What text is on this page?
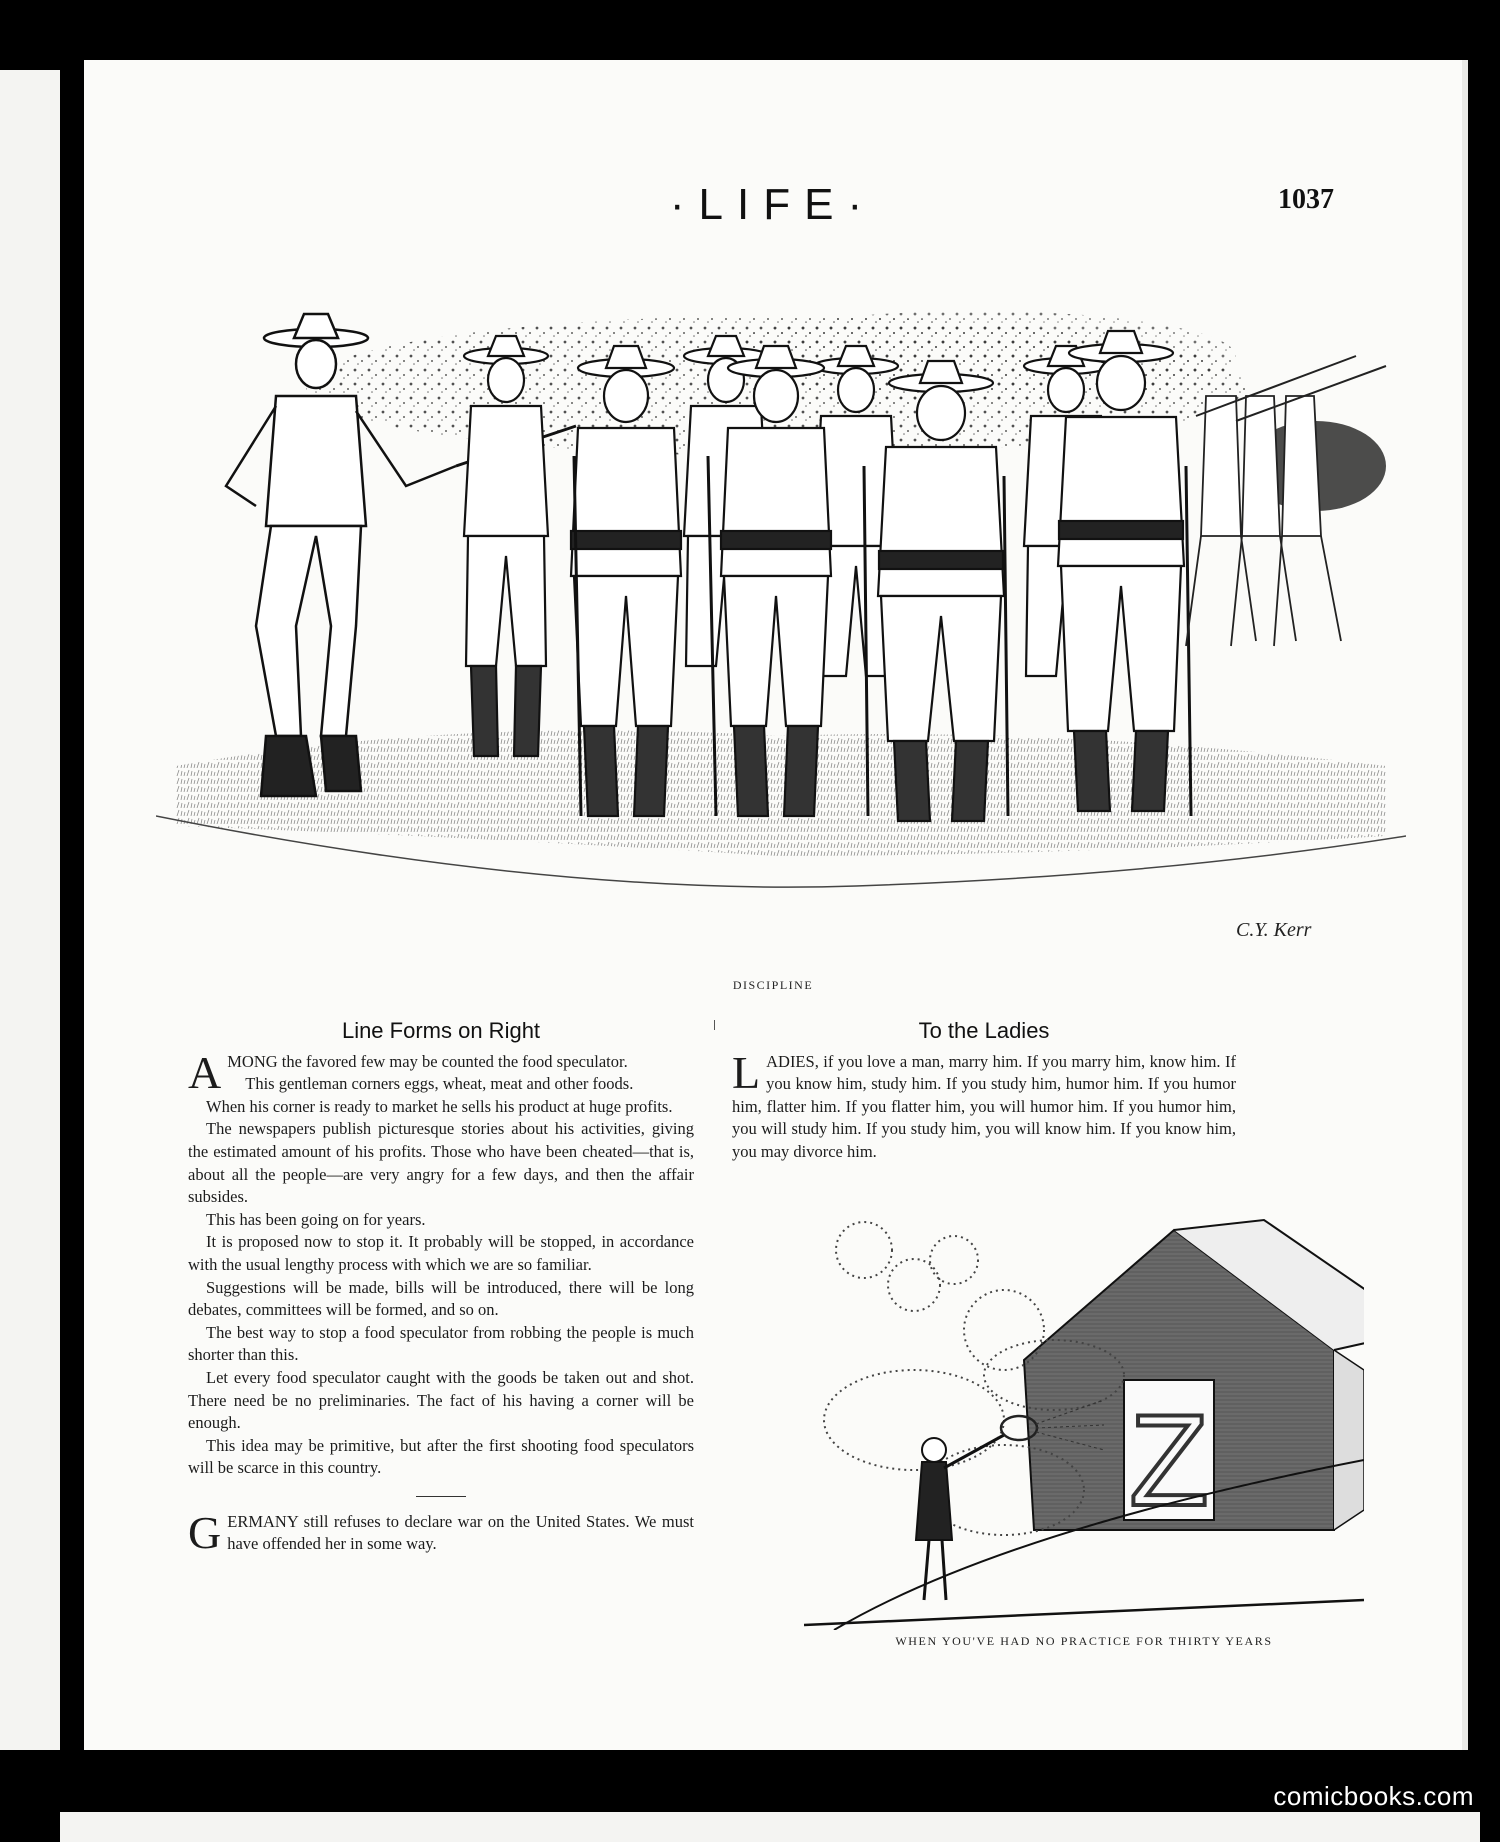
·LIFE·	1037
C.Y. Kerr
DISCIPLINE
Line Forms on Right

AMONG the favored few may be counted the food speculator.

This gentleman corners eggs, wheat, meat and other foods.

When his corner is ready to market he sells his product at huge profits.

The newspapers publish picturesque stories about his activities, giving the estimated amount of his profits. Those who have been cheated—that is, about all the people—are very angry for a few days, and then the affair subsides.

This has been going on for years.

It is proposed now to stop it. It probably will be stopped, in accordance with the usual lengthy process with which we are so familiar.

Suggestions will be made, bills will be introduced, there will be long debates, committees will be formed, and so on.

The best way to stop a food speculator from robbing the people is much shorter than this.

Let every food speculator caught with the goods be taken out and shot. There need be no preliminaries. The fact of his having a corner will be enough.

This idea may be primitive, but after the first shooting food speculators will be scarce in this country.

GERMANY still refuses to declare war on the United States. We must have offended her in some way.

To the Ladies

LADIES, if you love a man, marry him. If you marry him, know him. If you know him, study him. If you study him, humor him. If you humor him, flatter him. If you flatter him, you will humor him. If you humor him, you will study him. If you study him, you will know him. If you know him, you may divorce him.

Z
WHEN YOU'VE HAD NO PRACTICE FOR THIRTY YEARS
comicbooks.com
